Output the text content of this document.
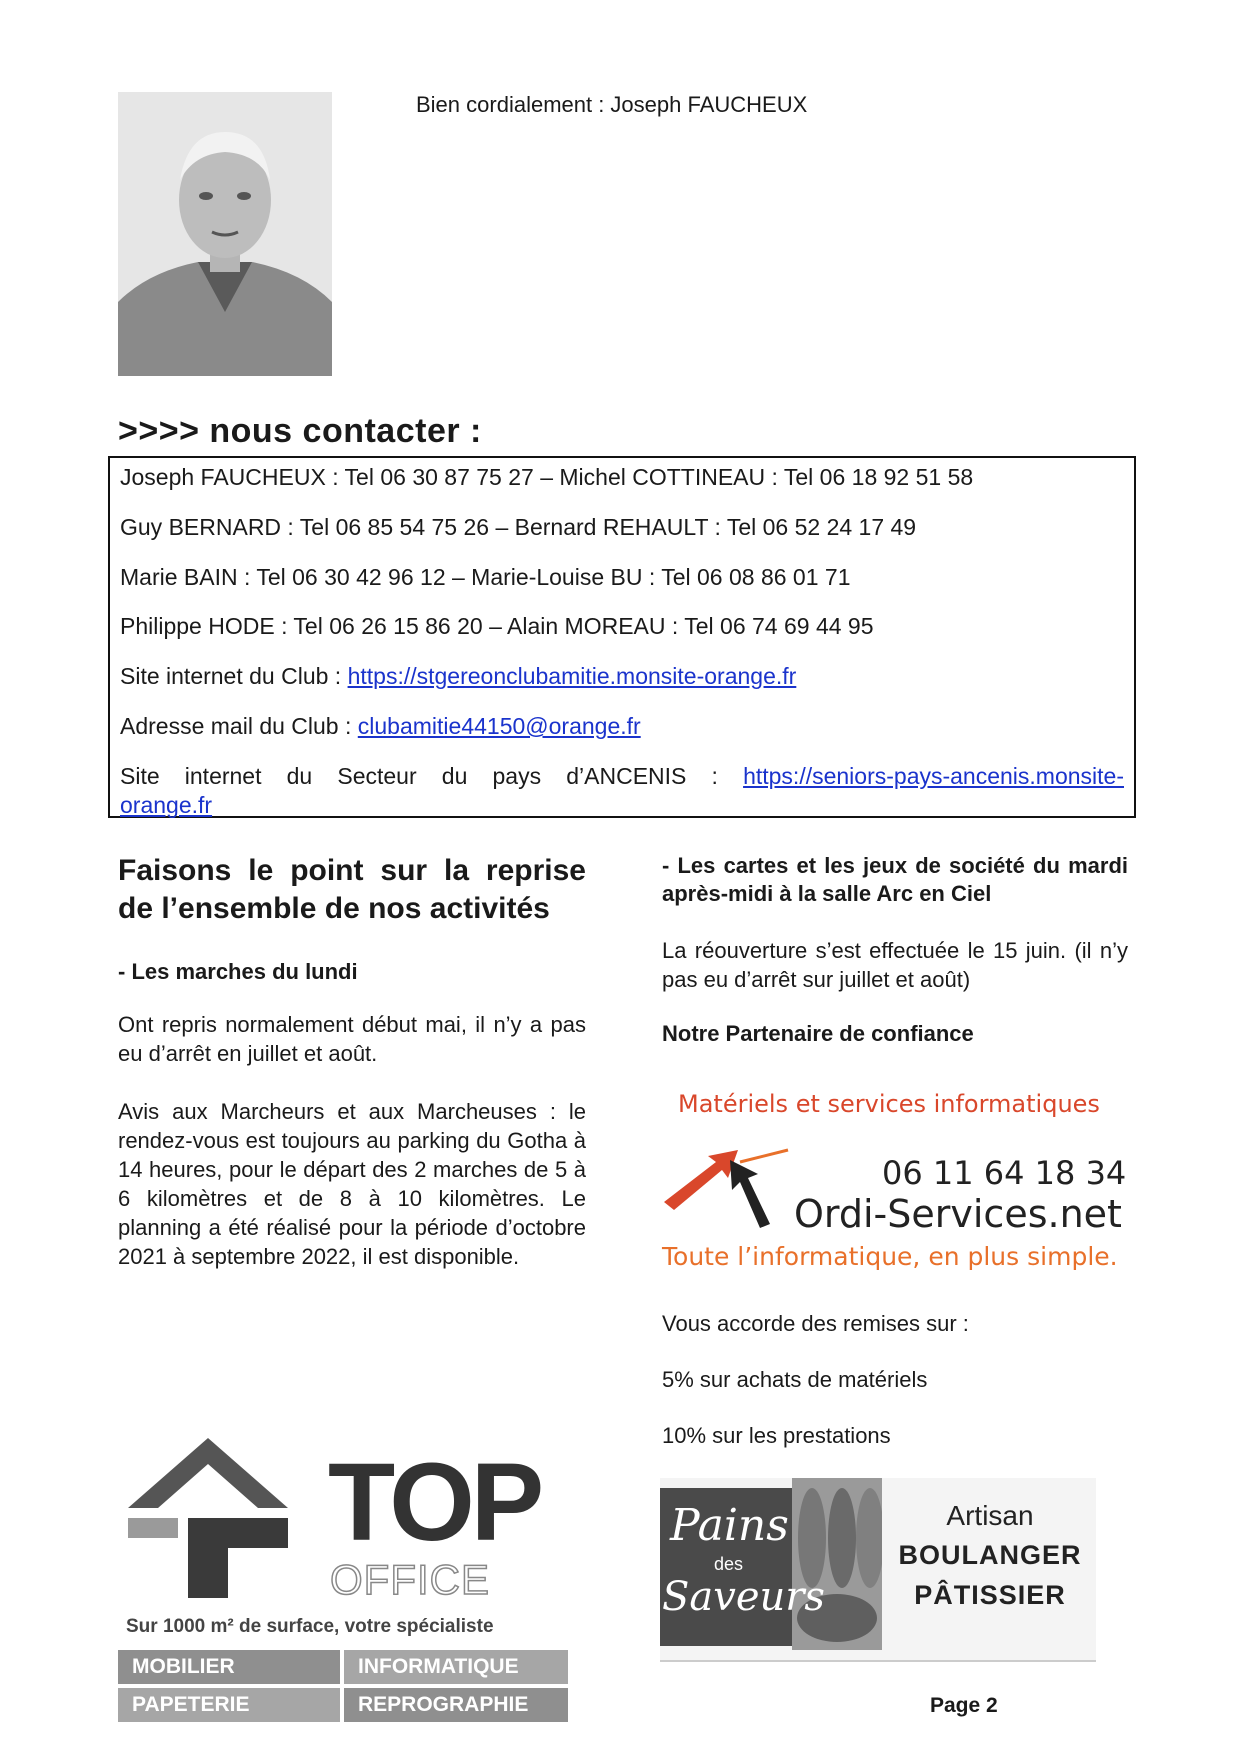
Bien cordialement : Joseph FAUCHEUX
>>>> nous contacter :

Joseph FAUCHEUX : Tel 06 30 87 75 27 – Michel COTTINEAU : Tel 06 18 92 51 58

Guy BERNARD : Tel 06 85 54 75 26 – Bernard REHAULT : Tel 06 52 24 17 49

Marie BAIN : Tel 06 30 42 96 12 – Marie-Louise BU : Tel 06 08 86 01 71

Philippe HODE : Tel 06 26 15 86 20 – Alain MOREAU : Tel 06 74 69 44 95

Site internet du Club : https://stgereonclubamitie.monsite-orange.fr

Adresse mail du Club : clubamitie44150@orange.fr

Site internet du Secteur du pays d’ANCENIS : https://seniors-pays-ancenis.monsite-orange.fr

Faisons le point sur la reprise de l’ensemble de nos activités
- Les marches du lundi

Ont repris normalement début mai, il n’y a pas eu d’arrêt en juillet et août.

Avis aux Marcheurs et aux Marcheuses : le rendez-vous est toujours au parking du Gotha à 14 heures, pour le départ des 2 marches de 5 à 6 kilomètres et de 8 à 10 kilomètres. Le planning a été réalisé pour la période d’octobre 2021 à septembre 2022, il est disponible.

- Les cartes et les jeux de société du mardi après-midi à la salle Arc en Ciel

La réouverture s’est effectuée le 15 juin. (il n’y pas eu d’arrêt sur juillet et août)

Notre Partenaire de confiance
Matériels et services informatiques
06 11 64 18 34
Ordi-Services.net
Toute l’informatique, en plus simple.
Vous accorde des remises sur :
5% sur achats de matériels
10% sur les prestations
TOP
OFFICE
Sur 1000 m² de surface, votre spécialiste
MOBILIER	INFORMATIQUE
PAPETERIE	REPROGRAPHIE
Pains
des
Saveurs
Artisan
BOULANGER
PÂTISSIER
Page 2
